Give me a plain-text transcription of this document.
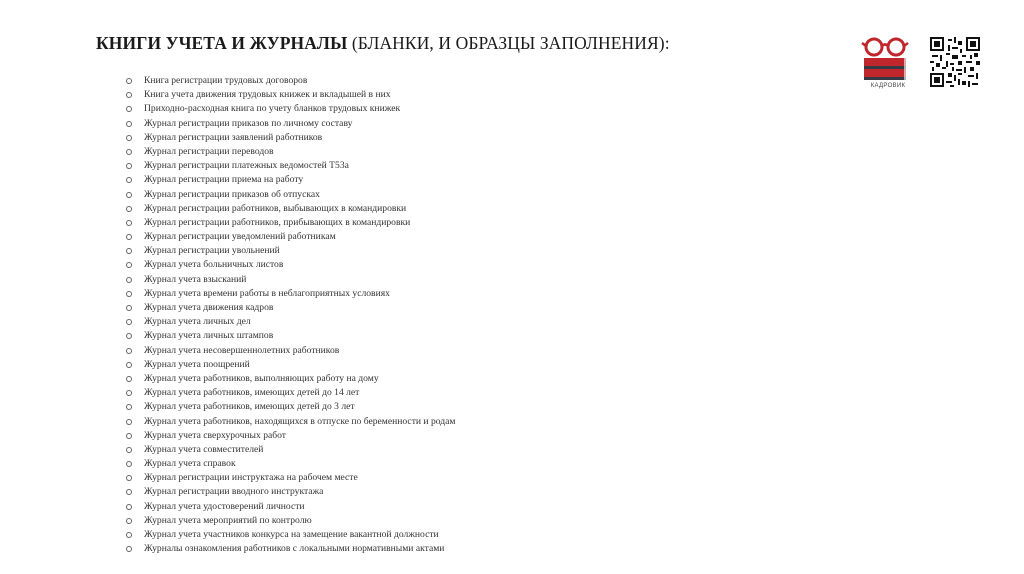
КНИГИ УЧЕТА И ЖУРНАЛЫ (БЛАНКИ, И ОБРАЗЦЫ ЗАПОЛНЕНИЯ):
Книга регистрации трудовых договоров
Книга учета движения трудовых книжек и вкладышей в них
Приходно-расходная книга по учету бланков трудовых книжек
Журнал регистрации приказов по личному составу
Журнал регистрации заявлений работников
Журнал регистрации переводов
Журнал регистрации платежных ведомостей Т53а
Журнал регистрации приема на работу
Журнал регистрации приказов об отпусках
Журнал регистрации работников, выбывающих в командировки
Журнал регистрации работников, прибывающих в командировки
Журнал регистрации уведомлений работникам
Журнал регистрации увольнений
Журнал учета больничных листов
Журнал учета взысканий
Журнал учета времени работы в неблагоприятных условиях
Журнал учета движения кадров
Журнал учета личных дел
Журнал учета личных штампов
Журнал учета несовершеннолетних работников
Журнал учета поощрений
Журнал учета работников, выполняющих работу на дому
Журнал учета работников, имеющих детей до 14 лет
Журнал учета работников, имеющих детей до 3 лет
Журнал учета работников, находящихся в отпуске по беременности и родам
Журнал учета сверхурочных работ
Журнал учета совместителей
Журнал учета справок
Журнал регистрации инструктажа на рабочем месте
Журнал регистрации вводного инструктажа
Журнал учета удостоверений личности
Журнал учета мероприятий по контролю
Журнал учета участников конкурса на замещение вакантной должности
Журналы ознакомления работников с локальными нормативными актами
КАДРОВИК
